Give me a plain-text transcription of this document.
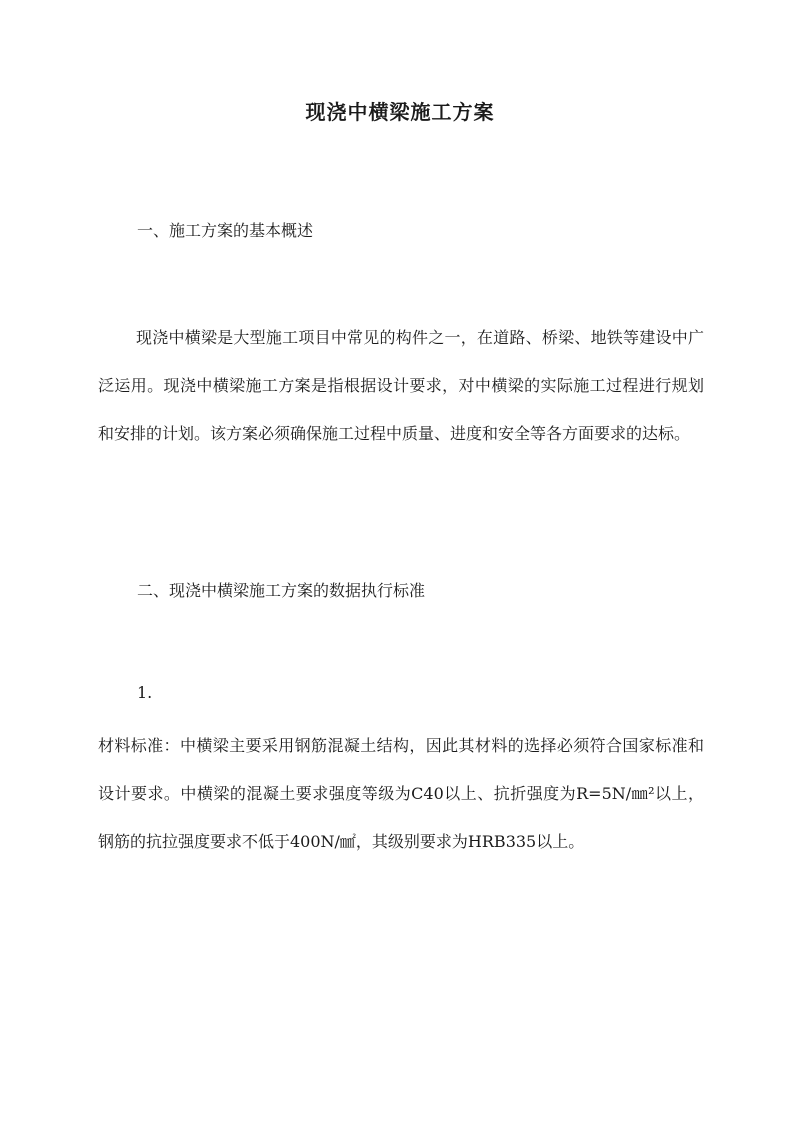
现浇中横梁施工方案
一、施工方案的基本概述

现浇中横梁是大型施工项目中常见的构件之一，在道路、桥梁、地铁等建设中广泛运用。现浇中横梁施工方案是指根据设计要求，对中横梁的实际施工过程进行规划和安排的计划。该方案必须确保施工过程中质量、进度和安全等各方面要求的达标。

二、现浇中横梁施工方案的数据执行标准

1.

材料标准：中横梁主要采用钢筋混凝土结构，因此其材料的选择必须符合国家标准和设计要求。中横梁的混凝土要求强度等级为C40以上、抗折强度为R=5N/㎜²以上，钢筋的抗拉强度要求不低于400N/㎟，其级别要求为HRB335以上。
